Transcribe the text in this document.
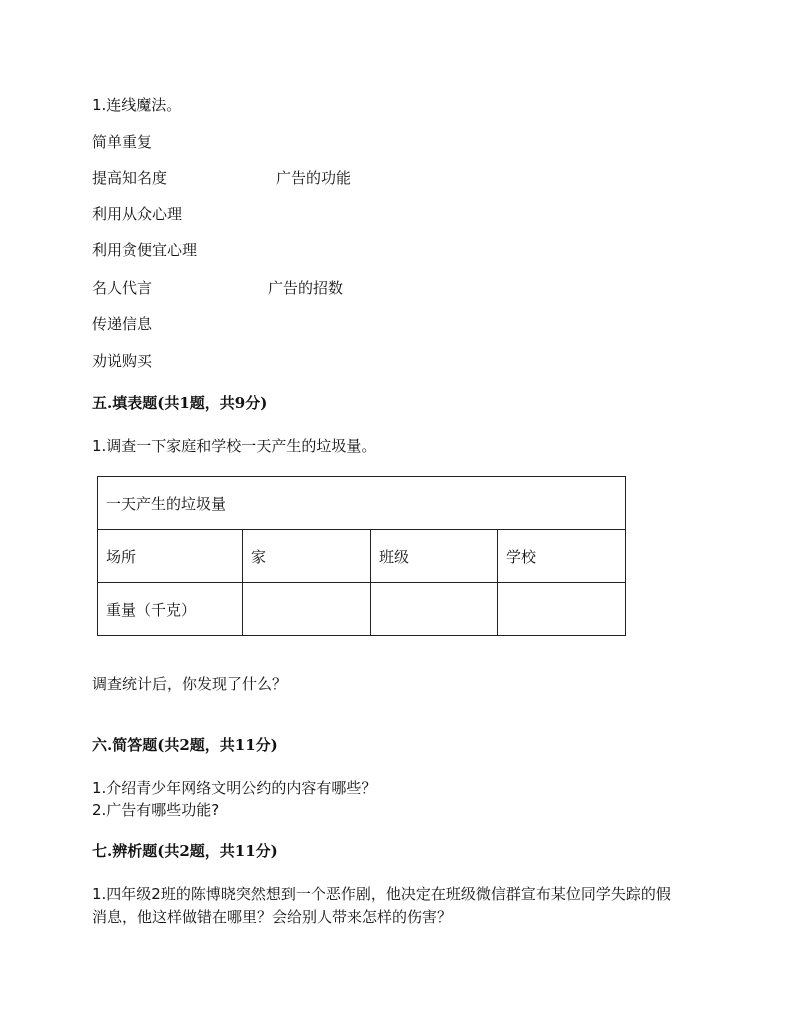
1.连线魔法。
简单重复
提高知名度	广告的功能
利用从众心理
利用贪便宜心理
名人代言	广告的招数
传递信息
劝说购买
五.填表题(共1题，共9分)
1.调查一下家庭和学校一天产生的垃圾量。
一天产生的垃圾量			
场所	家	班级	学校
重量（千克）			
调查统计后，你发现了什么？
六.简答题(共2题，共11分)
1.介绍青少年网络文明公约的内容有哪些？
2.广告有哪些功能?
七.辨析题(共2题，共11分)
1.四年级2班的陈博晓突然想到一个恶作剧，他决定在班级微信群宣布某位同学失踪的假
消息，他这样做错在哪里？会给别人带来怎样的伤害？
